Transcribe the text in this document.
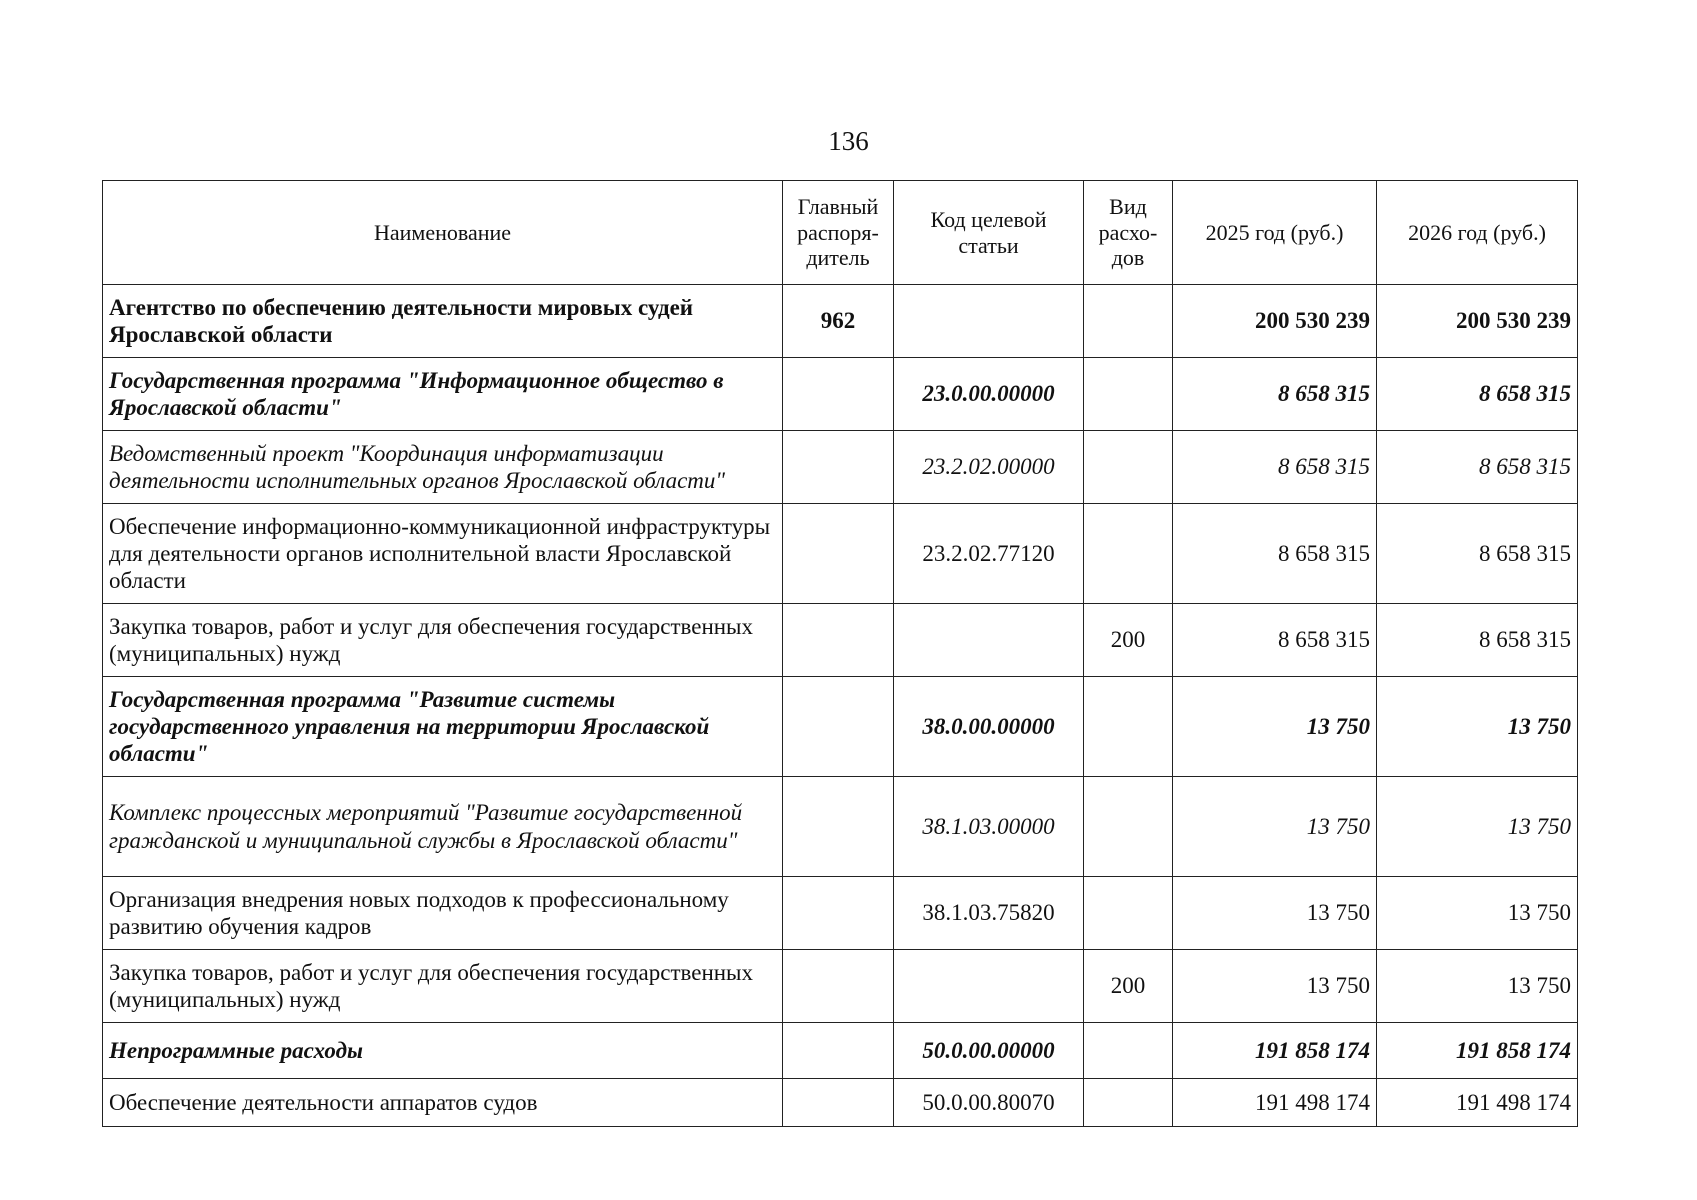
136
Наименование	Главный распоря-дитель	Код целевой статьи	Вид расхо-дов	2025 год (руб.)	2026 год (руб.)
Агентство по обеспечению деятельности мировых судей Ярославской области	962			200 530 239	200 530 239
Государственная программа "Информационное общество в Ярославской области"		23.0.00.00000		8 658 315	8 658 315
Ведомственный проект "Координация информатизации деятельности исполнительных органов Ярославской области"		23.2.02.00000		8 658 315	8 658 315
Обеспечение информационно-коммуникационной инфраструктуры для деятельности органов исполнительной власти Ярославской области		23.2.02.77120		8 658 315	8 658 315
Закупка товаров, работ и услуг для обеспечения государственных (муниципальных) нужд			200	8 658 315	8 658 315
Государственная программа "Развитие системы государственного управления на территории Ярославской области"		38.0.00.00000		13 750	13 750
Комплекс процессных мероприятий "Развитие государственной гражданской и муниципальной службы в Ярославской области"		38.1.03.00000		13 750	13 750
Организация внедрения новых подходов к профессиональному развитию обучения кадров		38.1.03.75820		13 750	13 750
Закупка товаров, работ и услуг для обеспечения государственных (муниципальных) нужд			200	13 750	13 750
Непрограммные расходы		50.0.00.00000		191 858 174	191 858 174
Обеспечение деятельности аппаратов судов		50.0.00.80070		191 498 174	191 498 174
